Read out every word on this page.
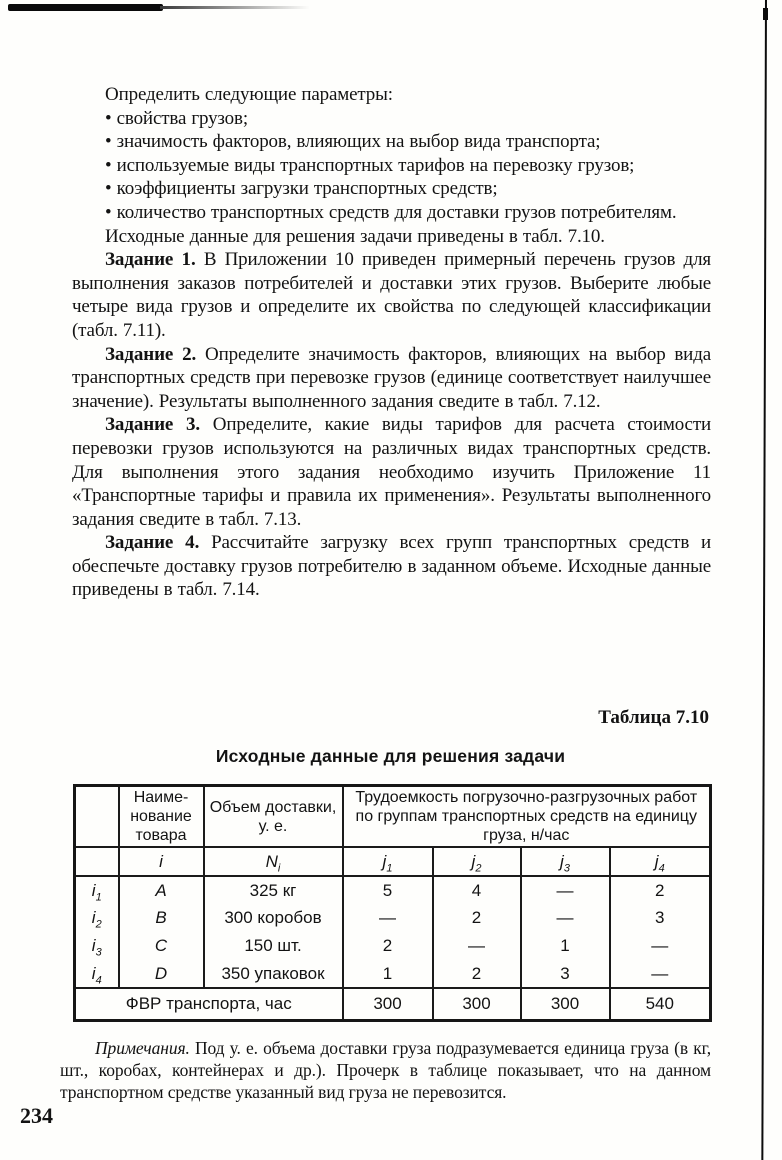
Определить следующие параметры:

• свойства грузов;

• значимость факторов, влияющих на выбор вида транспорта;

• используемые виды транспортных тарифов на перевозку грузов;

• коэффициенты загрузки транспортных средств;

• количество транспортных средств для доставки грузов потребителям.

Исходные данные для решения задачи приведены в табл. 7.10.

Задание 1. В Приложении 10 приведен примерный перечень грузов для выполнения заказов потребителей и доставки этих грузов. Выберите любые четыре вида грузов и определите их свойства по следующей классификации (табл. 7.11).

Задание 2. Определите значимость факторов, влияющих на выбор вида транспортных средств при перевозке грузов (единице соответствует наилучшее значение). Результаты выполненного задания сведите в табл. 7.12.

Задание 3. Определите, какие виды тарифов для расчета стоимости перевозки грузов используются на различных видах транспортных средств. Для выполнения этого задания необходимо изучить Приложение 11 «Транспортные тарифы и правила их применения». Результаты выполненного задания сведите в табл. 7.13.

Задание 4. Рассчитайте загрузку всех групп транспортных средств и обеспечьте доставку грузов потребителю в заданном объеме. Исходные данные приведены в табл. 7.14.

Таблица 7.10
Исходные данные для решения задачи
	Наиме-нование товара	Объем доставки, у. е.	Трудоемкость погрузочно-разгрузочных работ по группам транспортных средств на единицу груза, н/час			
	i	$N_i$	$j_1$	$j_2$	$j_3$	$j_4$
$i_1$	A	325 кг	5	4	—	2
$i_2$	B	300 коробов	—	2	—	3
$i_3$	C	150 шт.	2	—	1	—
$i_4$	D	350 упаковок	1	2	3	—
ФВР транспорта, час			300	300	300	540

Примечания. Под у. е. объема доставки груза подразумевается единица груза (в кг, шт., коробах, контейнерах и др.). Прочерк в таблице показывает, что на данном транспортном средстве указанный вид груза не перевозится.

234
